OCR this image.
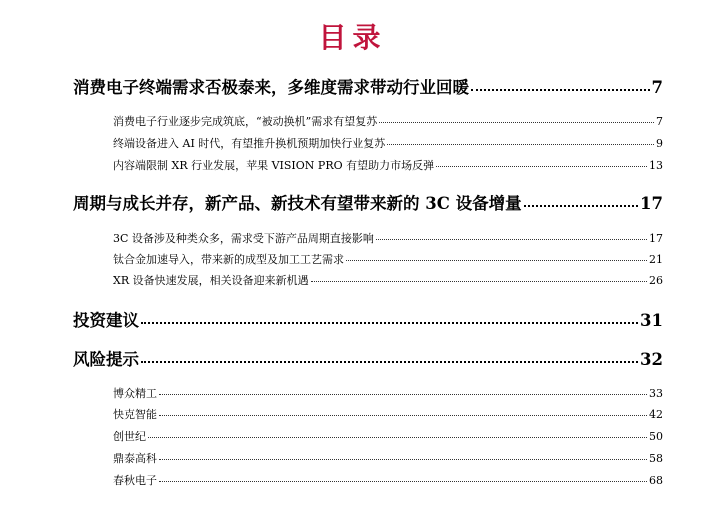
目录
消费电子终端需求否极泰来，多维度需求带动行业回暖	7
消费电子行业逐步完成筑底，“被动换机”需求有望复苏	7
终端设备进入 AI 时代，有望推升换机预期加快行业复苏	9
内容端限制 XR 行业发展，苹果 VISION PRO 有望助力市场反弹	13
周期与成长并存，新产品、新技术有望带来新的 3C 设备增量	17
3C 设备涉及种类众多，需求受下游产品周期直接影响	17
钛合金加速导入，带来新的成型及加工工艺需求	21
XR 设备快速发展，相关设备迎来新机遇	26
投资建议	31
风险提示	32
博众精工	33
快克智能	42
创世纪	50
鼎泰高科	58
春秋电子	68
